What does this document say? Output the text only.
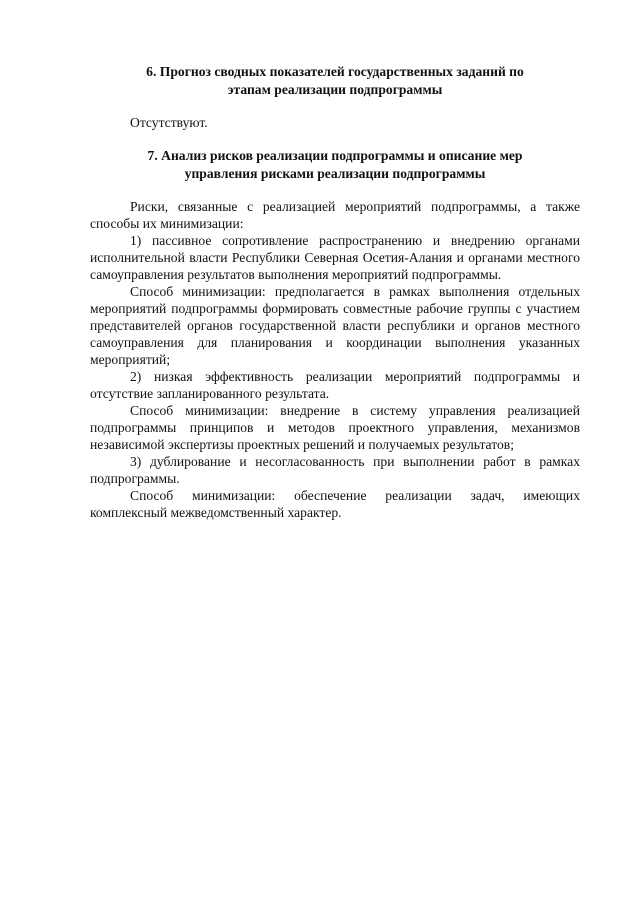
6. Прогноз сводных показателей государственных заданий по
этапам реализации подпрограммы

Отсутствуют.

7. Анализ рисков реализации подпрограммы и описание мер
управления рисками реализации подпрограммы

Риски, связанные с реализацией мероприятий подпрограммы, а также способы их минимизации:

1) пассивное сопротивление распространению и внедрению органами исполнительной власти Республики Северная Осетия-Алания и органами местного самоуправления результатов выполнения мероприятий подпрограммы.

Способ минимизации: предполагается в рамках выполнения отдельных мероприятий подпрограммы формировать совместные рабочие группы с участием представителей органов государственной власти республики и органов местного самоуправления для планирования и координации выполнения указанных мероприятий;

2) низкая эффективность реализации мероприятий подпрограммы и отсутствие запланированного результата.

Способ минимизации: внедрение в систему управления реализацией подпрограммы принципов и методов проектного управления, механизмов независимой экспертизы проектных решений и получаемых результатов;

3) дублирование и несогласованность при выполнении работ в рамках подпрограммы.

Способ минимизации: обеспечение реализации задач, имеющих комплексный межведомственный характер.
